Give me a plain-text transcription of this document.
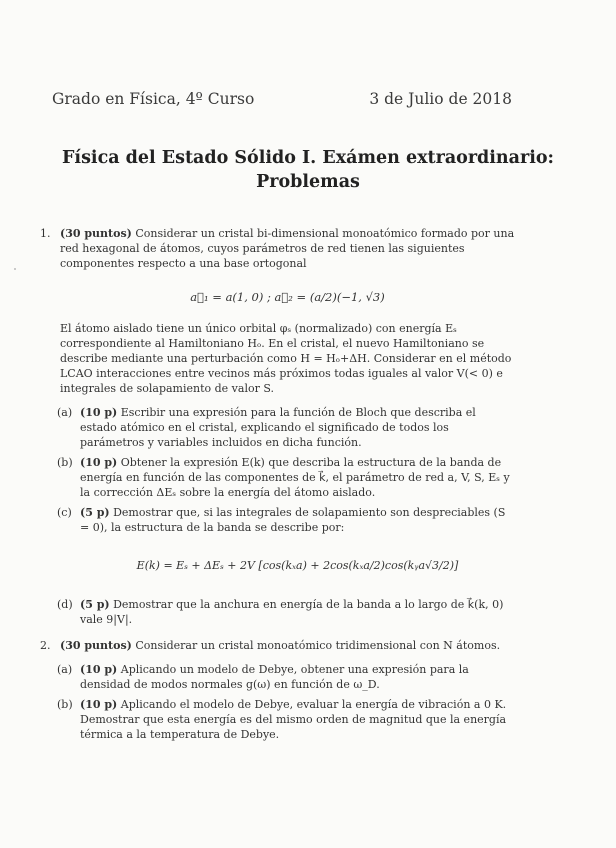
Grado en Física, 4º Curso	3 de Julio de 2018
Física del Estado Sólido I. Exámen extraordinario:
Problemas
1. (30 puntos) Considerar un cristal bi-dimensional monoatómico formado por una red hexagonal de átomos, cuyos parámetros de red tienen las siguientes componentes respecto a una base ortogonal
a⃗₁ = a(1, 0) ; a⃗₂ = (a/2)(−1, √3)
El átomo aislado tiene un único orbital φₛ (normalizado) con energía Eₛ correspondiente al Hamiltoniano Hₒ. En el cristal, el nuevo Hamiltoniano se describe mediante una perturbación como H = Hₒ+ΔH. Considerar en el método LCAO interacciones entre vecinos más próximos todas iguales al valor V(< 0) e integrales de solapamiento de valor S.
(a) (10 p) Escribir una expresión para la función de Bloch que describa el estado atómico en el cristal, explicando el significado de todos los parámetros y variables incluidos en dicha función.
(b) (10 p) Obtener la expresión E(k) que describa la estructura de la banda de energía en función de las componentes de k⃗, el parámetro de red a, V, S, Eₛ y la corrección ΔEₛ sobre la energía del átomo aislado.
(c) (5 p) Demostrar que, si las integrales de solapamiento son despreciables (S = 0), la estructura de la banda se describe por:
E(k) = Eₛ + ΔEₛ + 2V [cos(kₓa) + 2cos(kₓa/2)cos(kᵧa√3/2)]
(d) (5 p) Demostrar que la anchura en energía de la banda a lo largo de k⃗(k, 0) vale 9|V|.
2. (30 puntos) Considerar un cristal monoatómico tridimensional con N átomos.
(a) (10 p) Aplicando un modelo de Debye, obtener una expresión para la densidad de modos normales g(ω) en función de ω_D.
(b) (10 p) Aplicando el modelo de Debye, evaluar la energía de vibración a 0 K. Demostrar que esta energía es del mismo orden de magnitud que la energía térmica a la temperatura de Debye.
